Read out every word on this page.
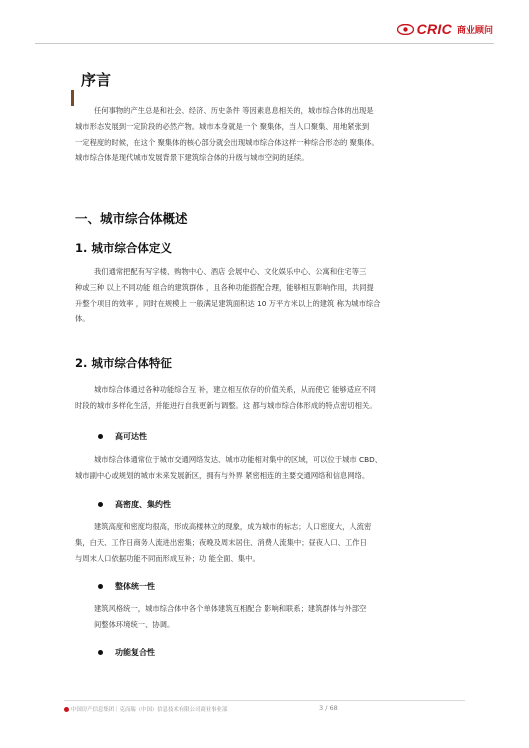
CRIC 商业顾问
序言
任何事物的产生总是和社会、经济、历史条件 等因素息息相关的，城市综合体的出现是
城市形态发展到一定阶段的必然产物。城市本身就是一个 聚集体，当人口聚集、用地紧张到
一定程度的时候，在这个 聚集体的核心部分就会出现城市综合体这样一种综合形态的 聚集体。
城市综合体是现代城市发展背景下建筑综合体的升级与城市空间的延续。
一、城市综合体概述
1. 城市综合体定义
我们通常把配有写字楼、购物中心、酒店 会展中心、文化娱乐中心、公寓和住宅等三
种或三种 以上不同功能 组合的建筑群体 ，且各种功能搭配合理，能够相互影响作用，共同提
升整个项目的效率 ，同时在规模上 一般满足建筑面积达 10 万平方米以上的建筑 称为城市综合
体。
2. 城市综合体特征
城市综合体通过各种功能综合互 补，建立相互依存的价值关系，从而使它 能够适应不同
时段的城市多样化生活，并能进行自我更新与调整。这 都与城市综合体形成的特点密切相关。
高可达性
城市综合体通常位于城市交通网络发达、城市功能相对集中的区域，可以位于城市 CBD、
城市副中心或规划的城市未来发展新区，拥有与外界 紧密相连的主要交通网络和信息网络。
高密度、集约性
建筑高度和密度均很高，形成高楼林立的现象，成为城市的标志；人口密度大，人流密
集，白天、工作日商务人流进出密集；夜晚及周末居住、消费人流集中；昼夜人口、工作日
与周末人口依据功能不同而形成互补；功 能全面、集中。
整体统一性
建筑风格统一，城市综合体中各个单体建筑互相配合 影响和联系；建筑群体与外部空
间整体环境统一、协调。
功能复合性
中国房产信息集团｜克而瑞（中国）信息技术有限公司商业事业部	3 / 68
